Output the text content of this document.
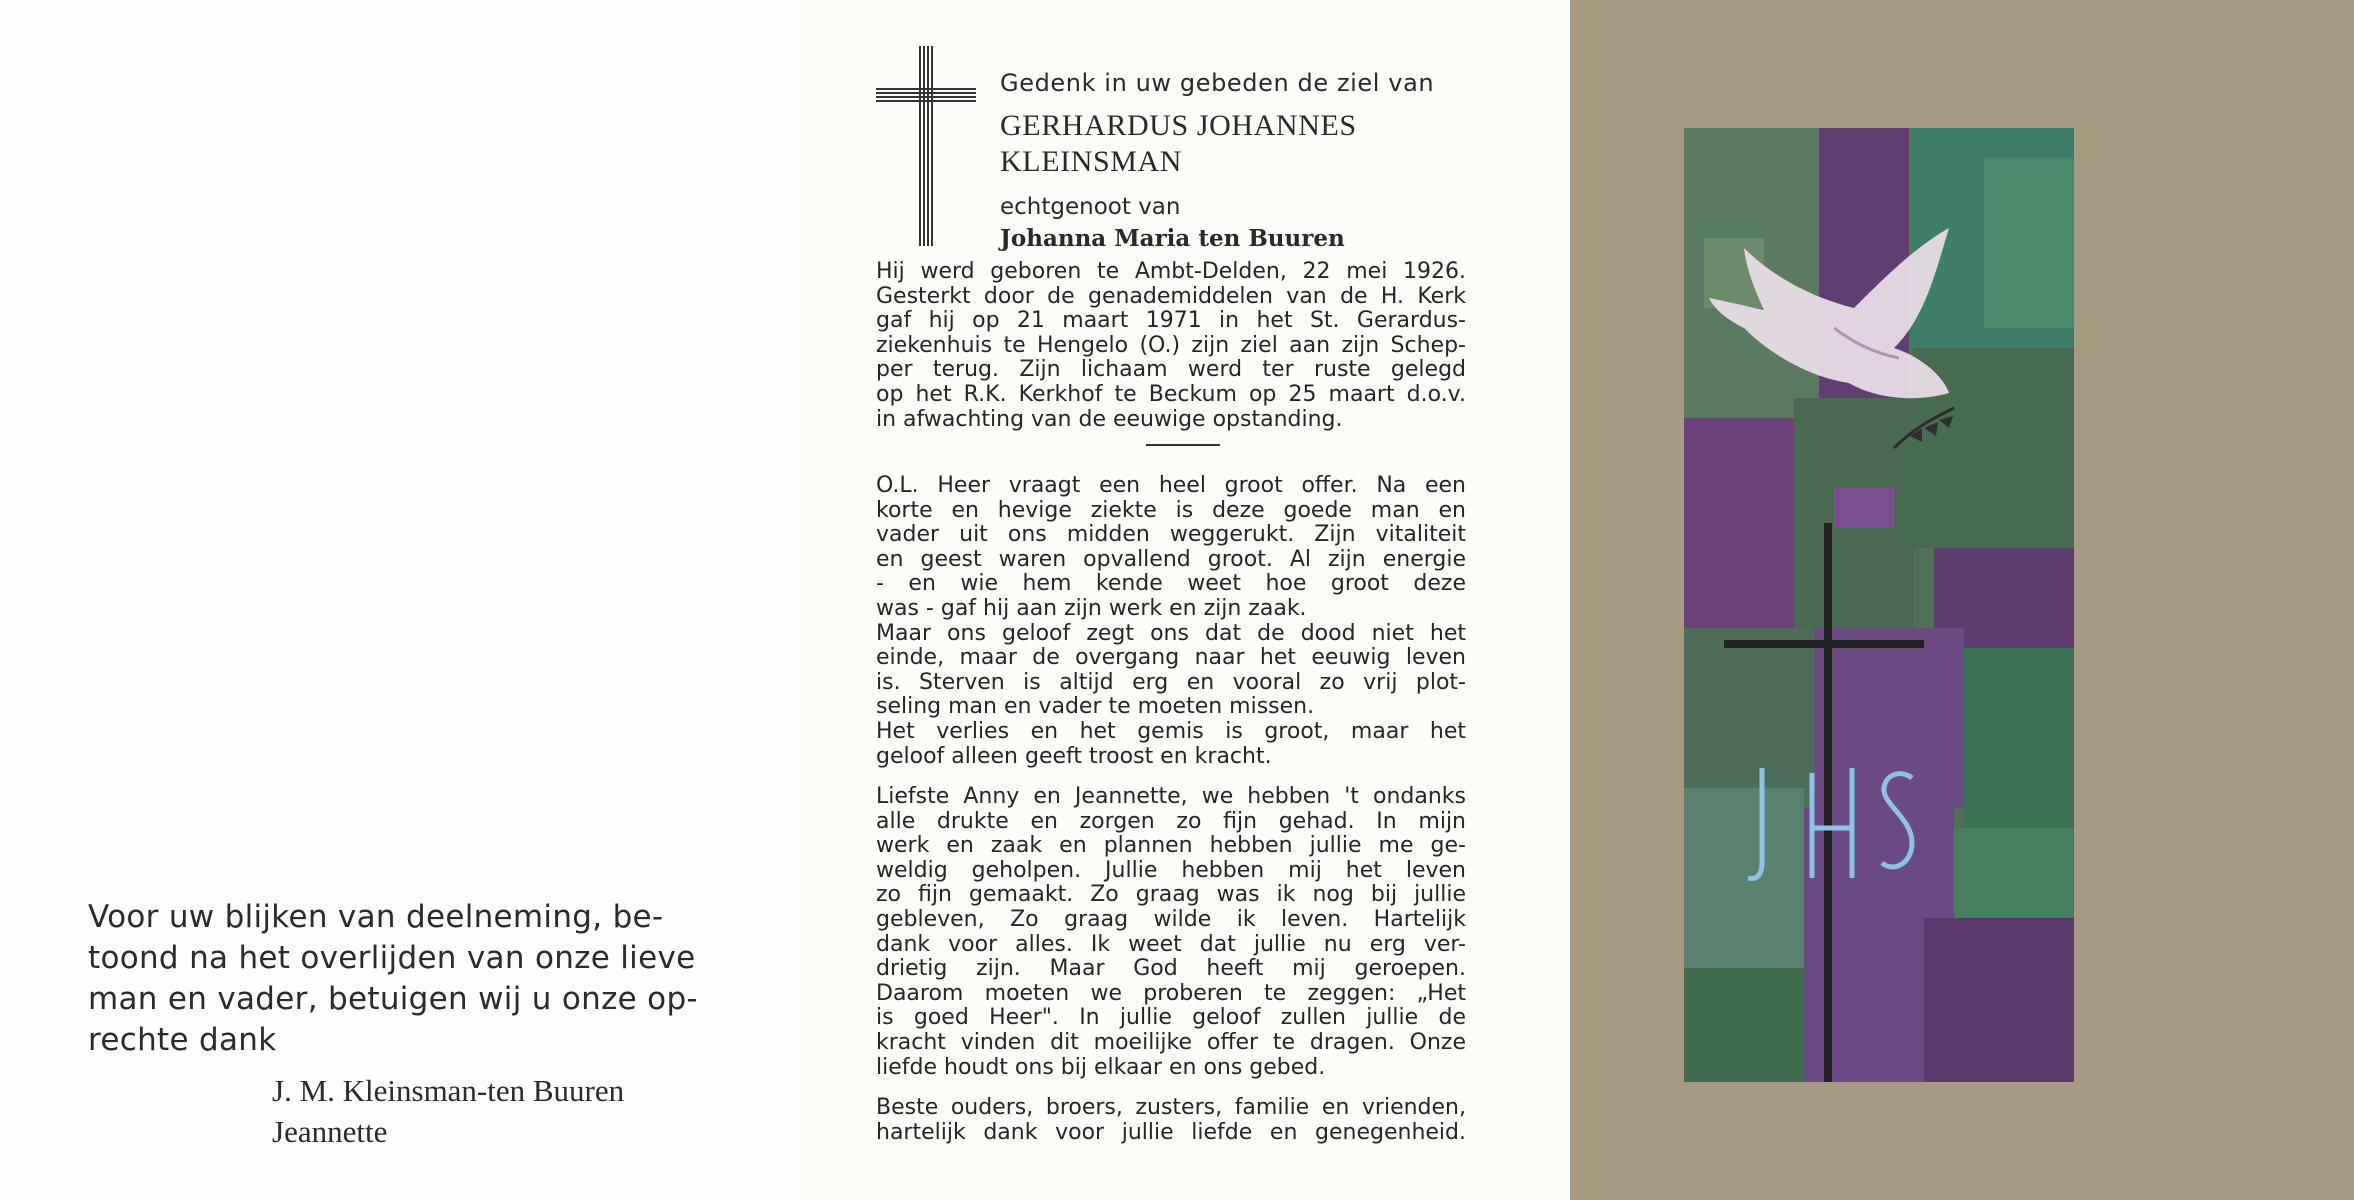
Voor uw blijken van deelneming, be-
toond na het overlijden van onze lieve
man en vader, betuigen wij u onze op-
rechte dank
J. M. Kleinsman-ten Buuren
Jeannette
Gedenk in uw gebeden de ziel van
GERHARDUS JOHANNES
KLEINSMAN
echtgenoot van
Johanna Maria ten Buuren
Hij werd geboren te Ambt-Delden, 22 mei 1926.
Gesterkt door de genademiddelen van de H. Kerk
gaf hij op 21 maart 1971 in het St. Gerardus-
ziekenhuis te Hengelo (O.) zijn ziel aan zijn Schep-
per terug. Zijn lichaam werd ter ruste gelegd
op het R.K. Kerkhof te Beckum op 25 maart d.o.v.
in afwachting van de eeuwige opstanding.
O.L. Heer vraagt een heel groot offer. Na een
korte en hevige ziekte is deze goede man en
vader uit ons midden weggerukt. Zijn vitaliteit
en geest waren opvallend groot. Al zijn energie
- en wie hem kende weet hoe groot deze
was - gaf hij aan zijn werk en zijn zaak.
Maar ons geloof zegt ons dat de dood niet het
einde, maar de overgang naar het eeuwig leven
is. Sterven is altijd erg en vooral zo vrij plot-
seling man en vader te moeten missen.
Het verlies en het gemis is groot, maar het
geloof alleen geeft troost en kracht.
Liefste Anny en Jeannette, we hebben 't ondanks
alle drukte en zorgen zo fijn gehad. In mijn
werk en zaak en plannen hebben jullie me ge-
weldig geholpen. Jullie hebben mij het leven
zo fijn gemaakt. Zo graag was ik nog bij jullie
gebleven, Zo graag wilde ik leven. Hartelijk
dank voor alles. Ik weet dat jullie nu erg ver-
drietig zijn. Maar God heeft mij geroepen.
Daarom moeten we proberen te zeggen: „Het
is goed Heer". In jullie geloof zullen jullie de
kracht vinden dit moeilijke offer te dragen. Onze
liefde houdt ons bij elkaar en ons gebed.
Beste ouders, broers, zusters, familie en vrienden,
hartelijk dank voor jullie liefde en genegenheid.
